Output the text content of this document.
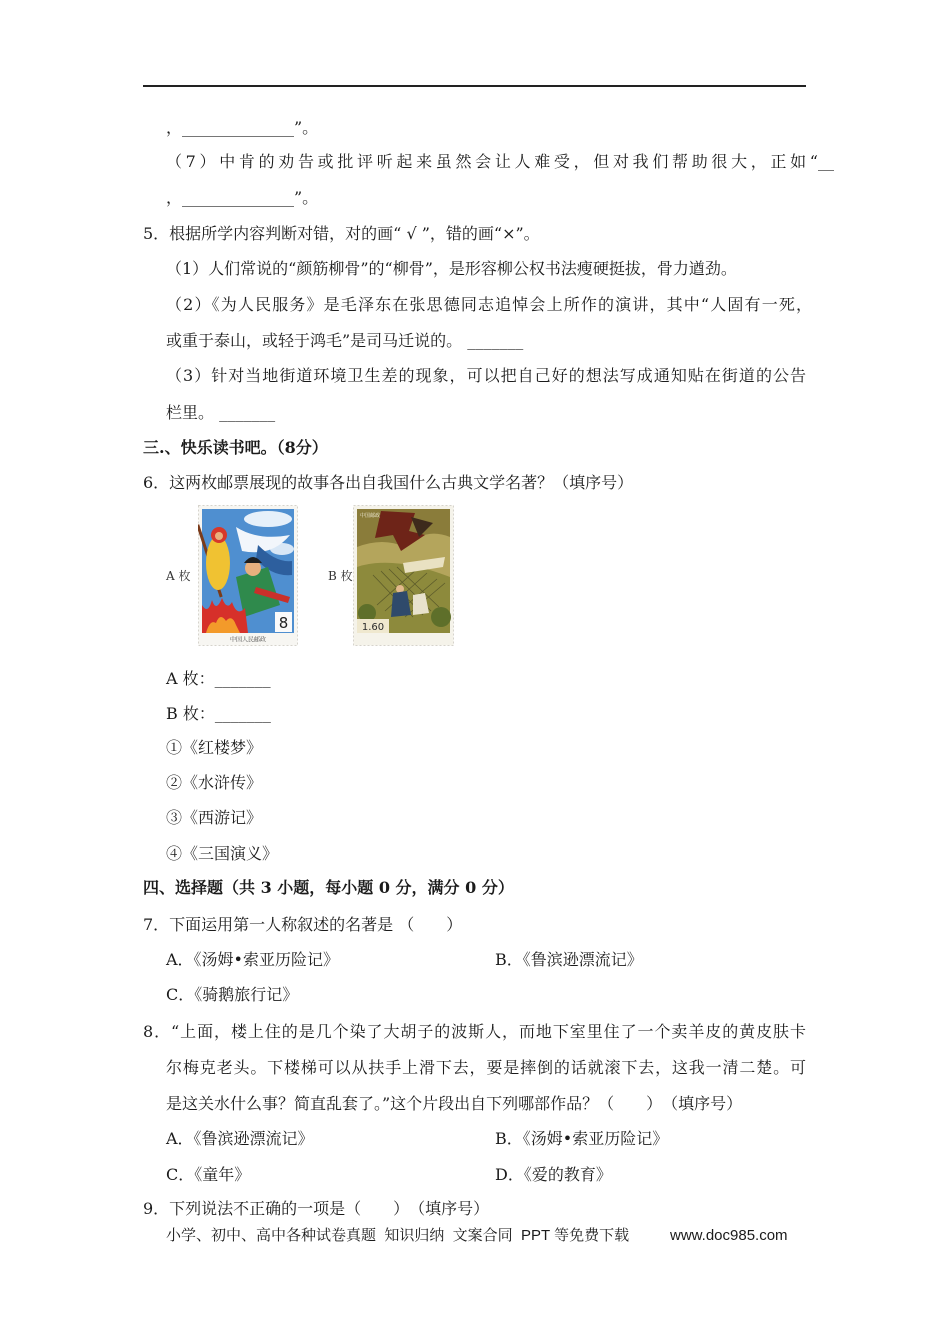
，______________”。
（7）中肯的劝告或批评听起来虽然会让人难受，但对我们帮助很大，正如“__
，______________”。
5．根据所学内容判断对错，对的画“ √ ”，错的画“×”。
（1）人们常说的“颜筋柳骨”的“柳骨”，是形容柳公权书法瘦硬挺拔，骨力遒劲。
（2）《为人民服务》是毛泽东在张思德同志追悼会上所作的演讲，其中“人固有一死，
或重于泰山，或轻于鸿毛”是司马迁说的。 _______
（3）针对当地街道环境卫生差的现象，可以把自己好的想法写成通知贴在街道的公告
栏里。 _______
三.、快乐读书吧。（8分）
6．这两枚邮票展现的故事各出自我国什么古典文学名著？（填序号）
A 枚
8
中国人民邮政
B 枚
1.60
中国邮政
A 枚：_______
B 枚：_______
①《红楼梦》
②《水浒传》
③《西游记》
④《三国演义》
四、选择题（共 3 小题，每小题 0 分，满分 0 分）
7．下面运用第一人称叙述的名著是 （　　）
A．《汤姆•索亚历险记》	B．《鲁滨逊漂流记》
C．《骑鹅旅行记》
8．“上面，楼上住的是几个染了大胡子的波斯人，而地下室里住了一个卖羊皮的黄皮肤卡
尔梅克老头。下楼梯可以从扶手上滑下去，要是摔倒的话就滚下去，这我一清二楚。可
是这关水什么事？简直乱套了。”这个片段出自下列哪部作品？（　　）　（填序号）
A．《鲁滨逊漂流记》	B．《汤姆•索亚历险记》
C．《童年》	D．《爱的教育》
9．下列说法不正确的一项是（　　）　（填序号）
小学、初中、高中各种试卷真题  知识归纳  文案合同  PPT 等免费下载	www.doc985.com
